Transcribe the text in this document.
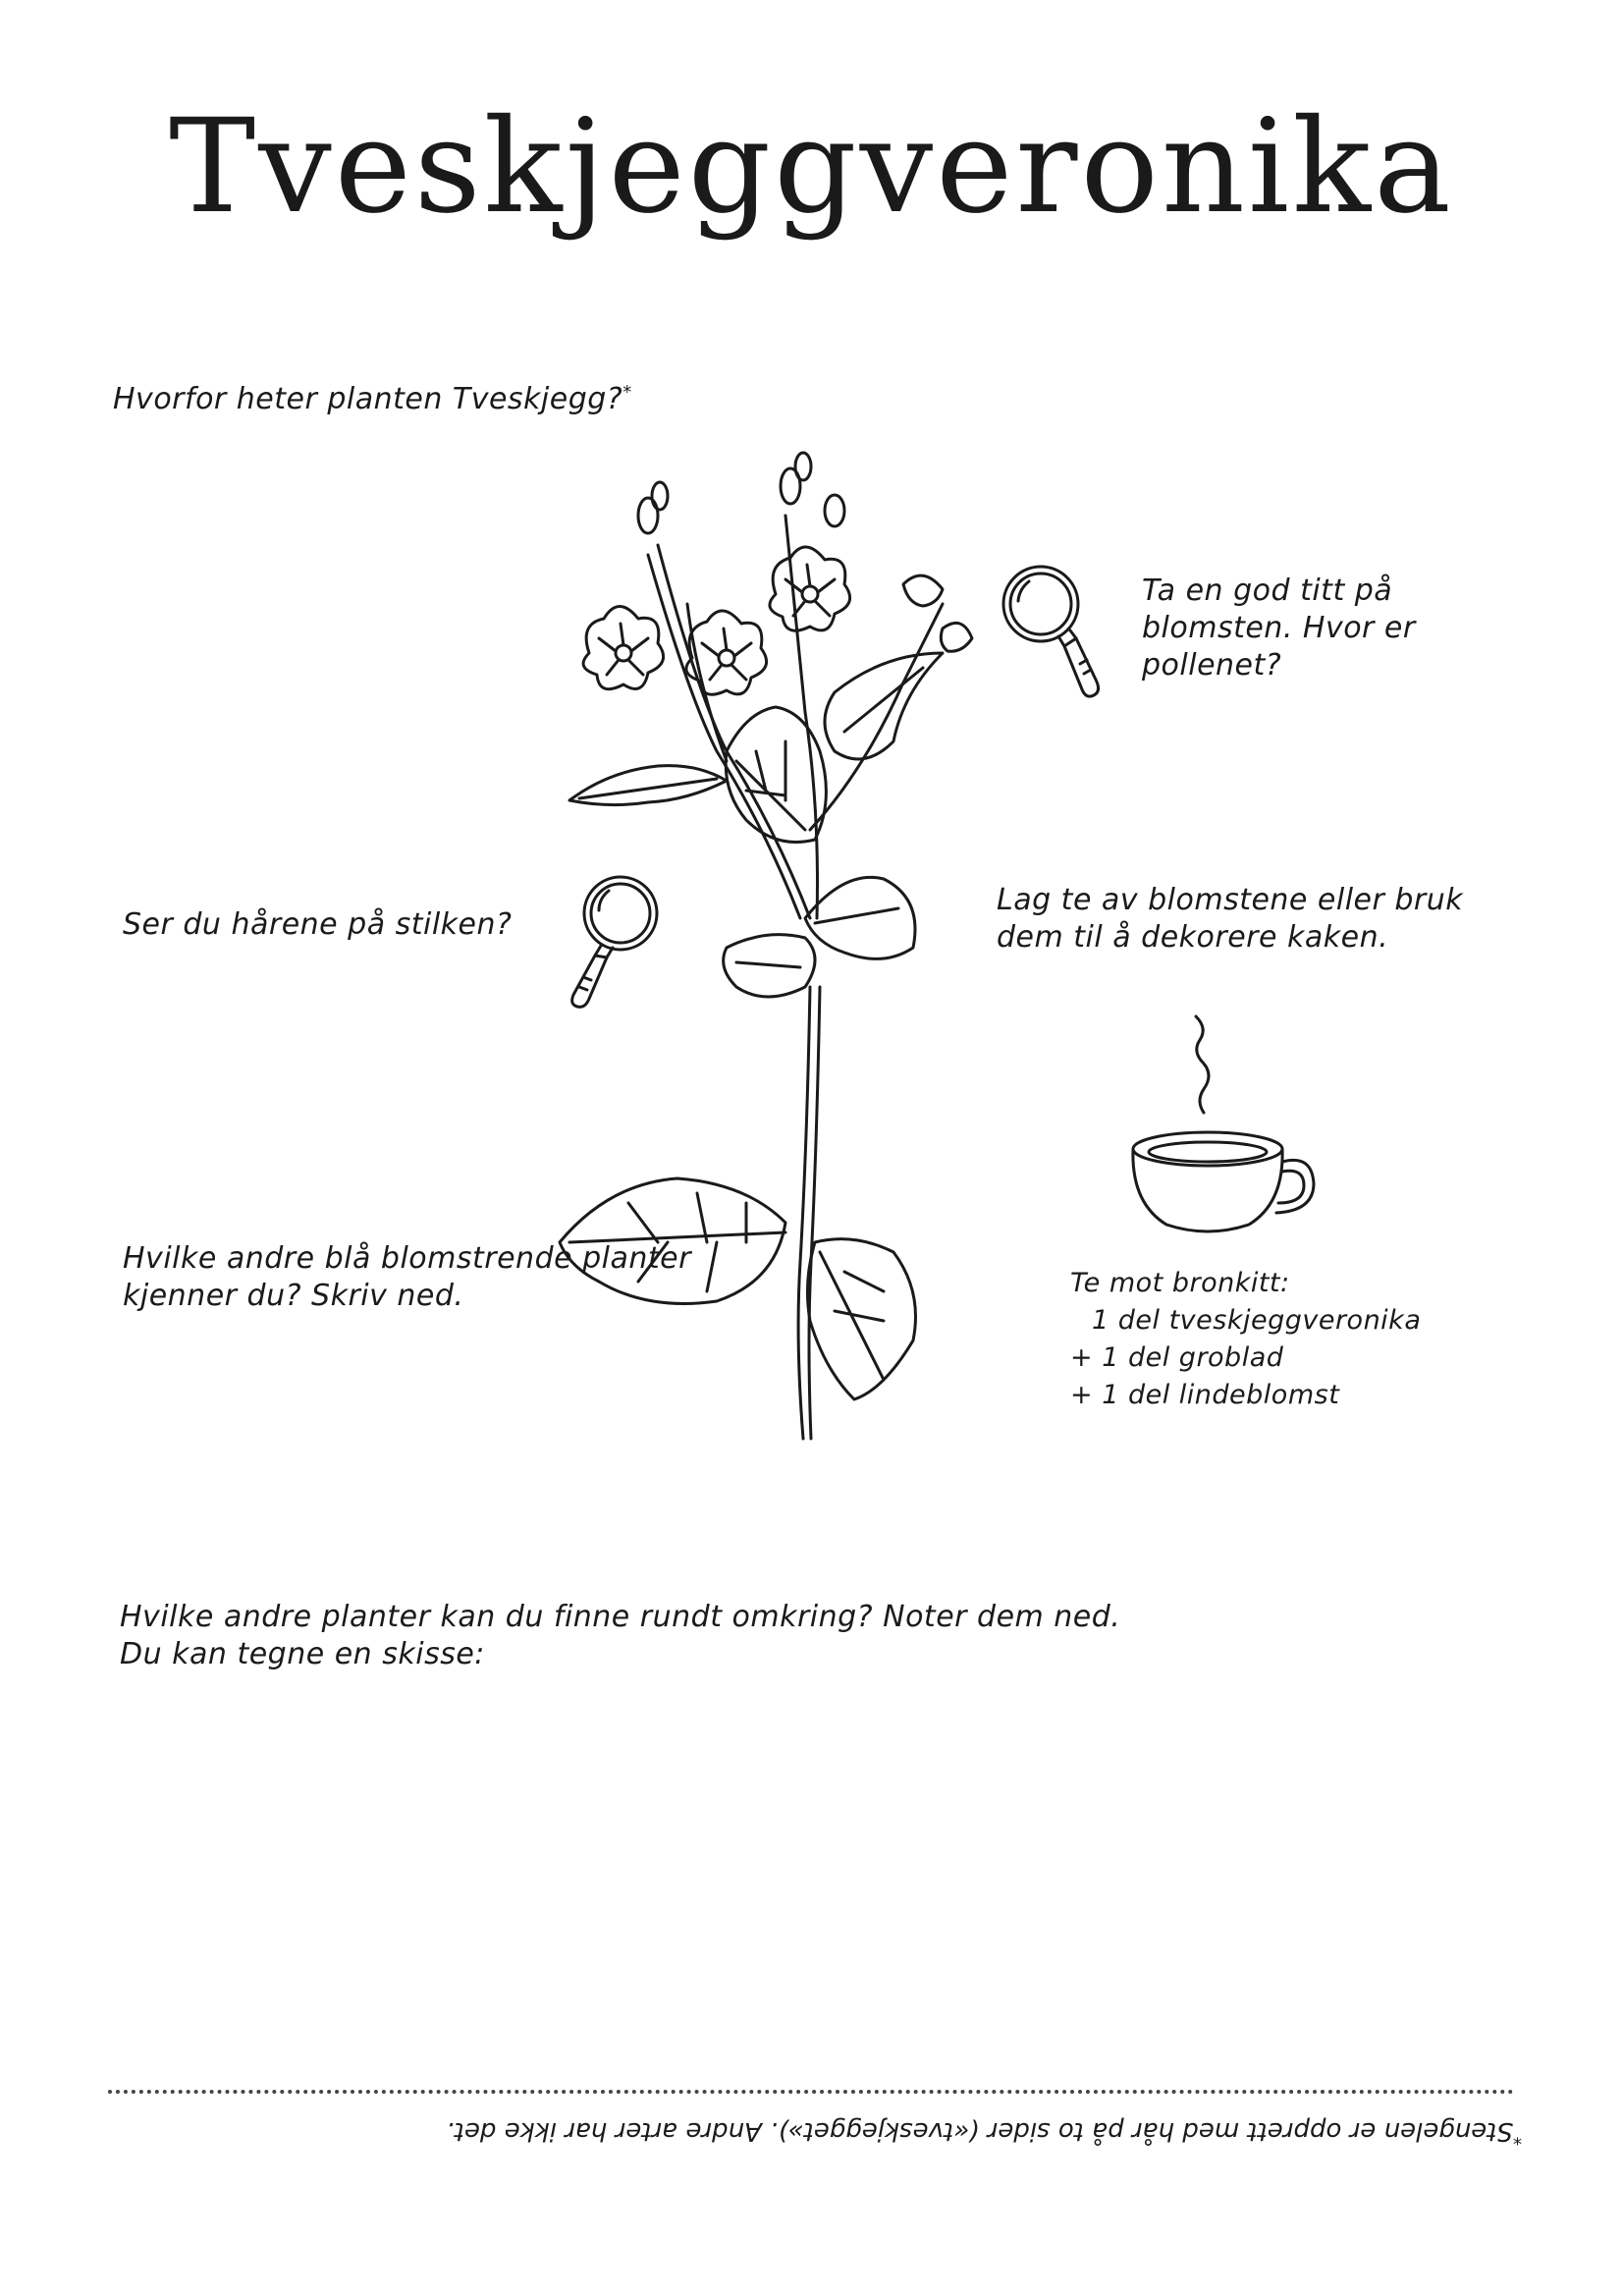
Tveskjeggveronika

Hvorfor heter planten Tveskjegg?*

Ta en god titt på
blomsten. Hvor er
pollenet?

Ser du hårene på stilken?

Lag te av blomstene eller bruk
dem til å dekorere kaken.

Hvilke andre blå blomstrende planter
kjenner du? Skriv ned.	Te mot bronkitt:
1 del tveskjeggveronika
+ 1 del groblad
+ 1 del lindeblomst

Hvilke andre planter kan du finne rundt omkring? Noter dem ned.
Du kan tegne en skisse:

*Stengelen er opprett med hår på to sider («tveskjegget»). Andre arter har ikke det.
